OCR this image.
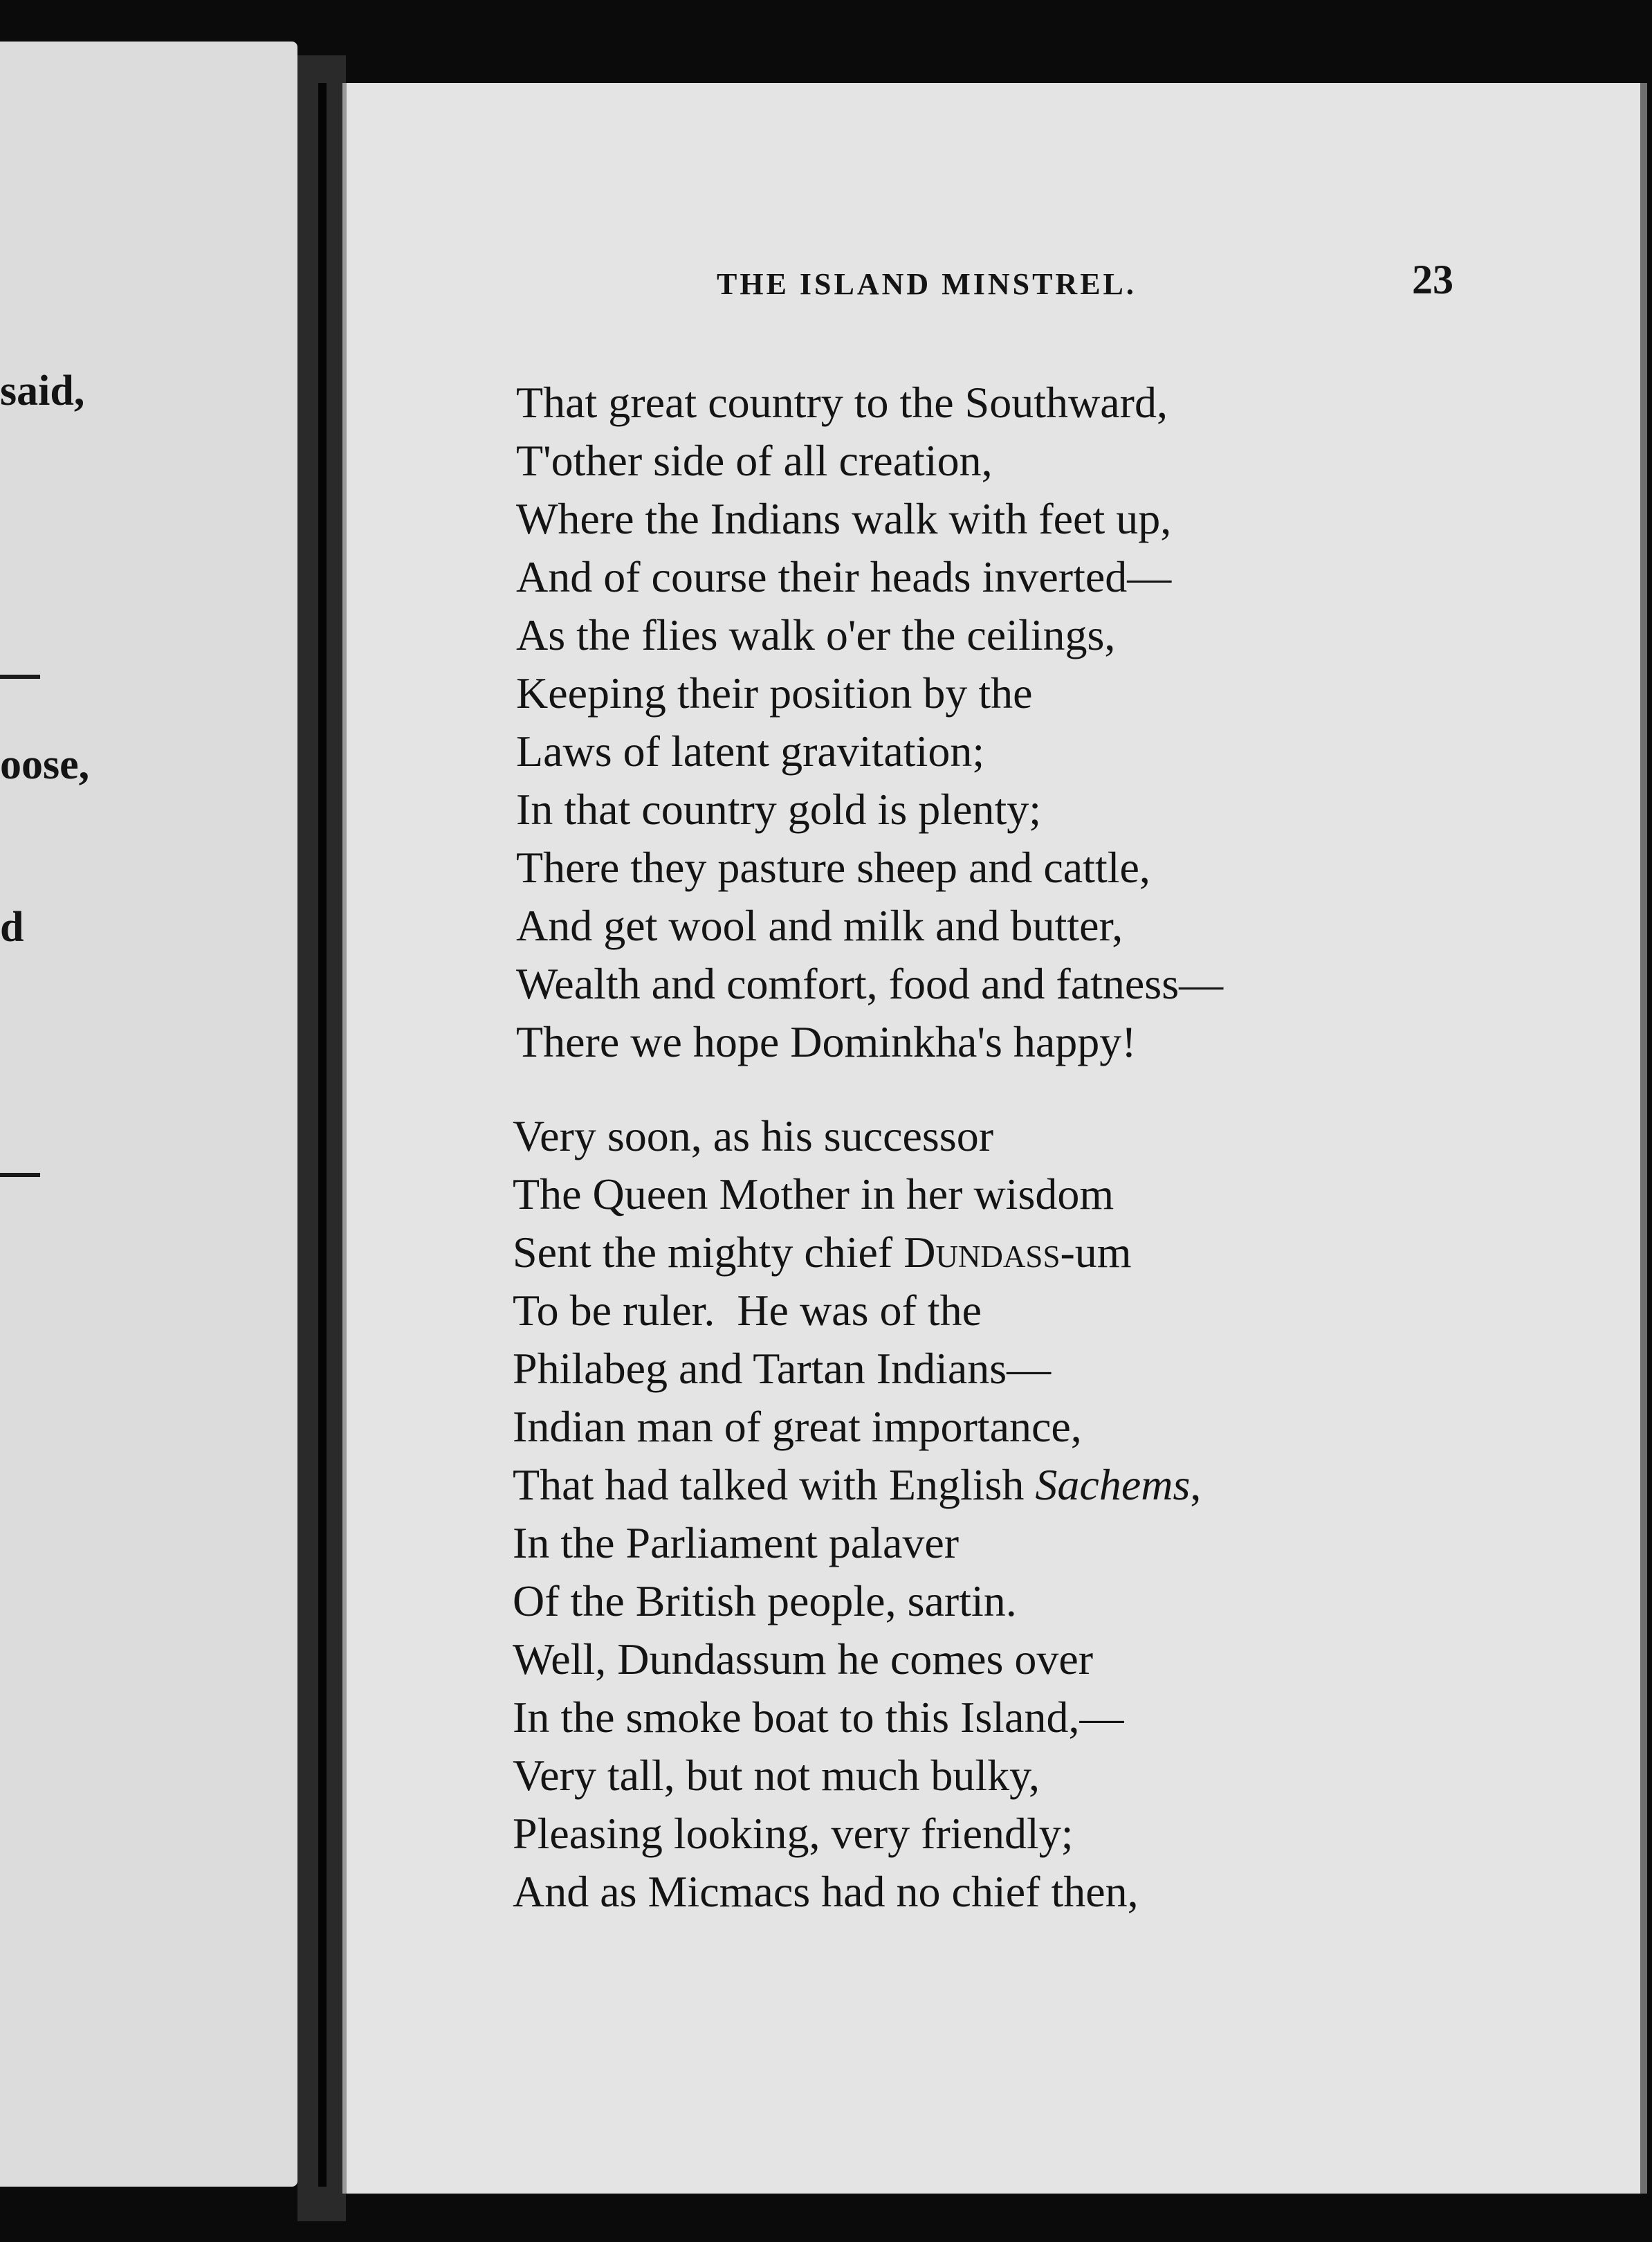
said,
oose,
d
THE ISLAND MINSTREL.	23
That great country to the Southward,
T'other side of all creation,
Where the Indians walk with feet up,
And of course their heads inverted—
As the flies walk o'er the ceilings,
Keeping their position by the
Laws of latent gravitation;
In that country gold is plenty;
There they pasture sheep and cattle,
And get wool and milk and butter,
Wealth and comfort, food and fatness—
There we hope Dominkha's happy!
Very soon, as his successor
The Queen Mother in her wisdom
Sent the mighty chief Dundass-um
To be ruler.  He was of the
Philabeg and Tartan Indians—
Indian man of great importance,
That had talked with English Sachems,
In the Parliament palaver
Of the British people, sartin.
Well, Dundassum he comes over
In the smoke boat to this Island,—
Very tall, but not much bulky,
Pleasing looking, very friendly;
And as Micmacs had no chief then,
